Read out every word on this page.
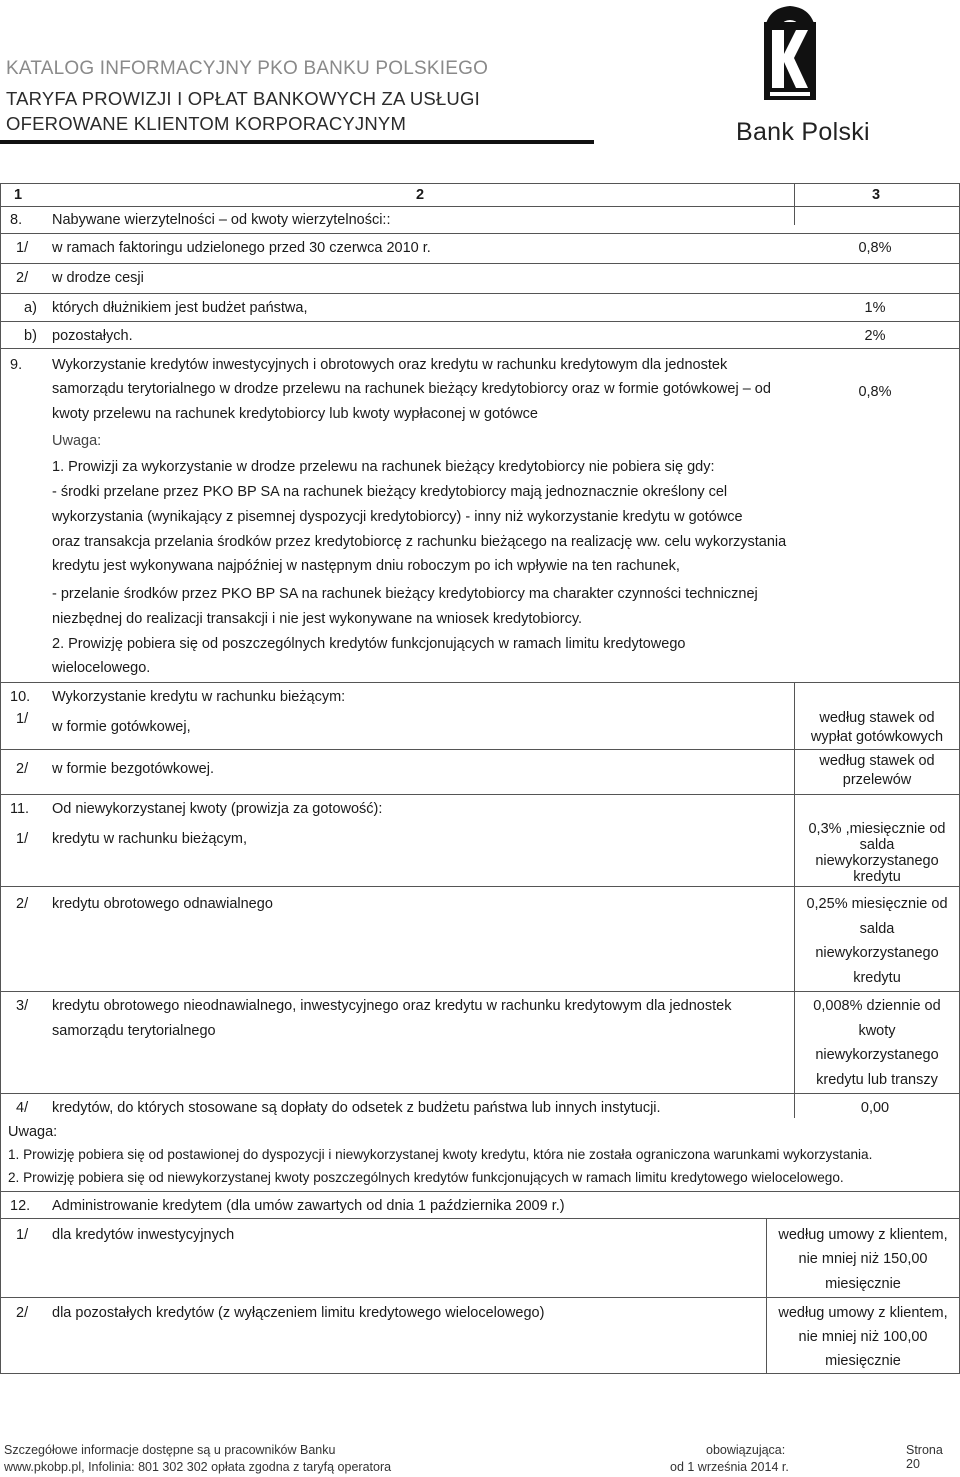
KATALOG INFORMACYJNY PKO BANKU POLSKIEGO
TARYFA PROWIZJI I OPŁAT BANKOWYCH ZA USŁUGI
OFEROWANE KLIENTOM KORPORACYJNYM	Bank Polski
1	2	3
8. Nabywane wierzytelności – od kwoty wierzytelności::
1/ w ramach faktoringu udzielonego przed 30 czerwca 2010 r.	0,8%
2/ w drodze cesji
a) których dłużnikiem jest budżet państwa,	1%
b) pozostałych.	2%
9. Wykorzystanie kredytów inwestycyjnych i obrotowych oraz kredytu w rachunku kredytowym dla jednostek
samorządu terytorialnego w drodze przelewu na rachunek bieżący kredytobiorcy oraz w formie gotówkowej – od
kwoty przelewu na rachunek kredytobiorcy lub kwoty wypłaconej w gotówce
0,8%
Uwaga:
1. Prowizji za wykorzystanie w drodze przelewu na rachunek bieżący kredytobiorcy nie pobiera się gdy:
- środki przelane przez PKO BP SA na rachunek bieżący kredytobiorcy mają jednoznacznie określony cel
wykorzystania (wynikający z pisemnej dyspozycji kredytobiorcy) - inny niż wykorzystanie kredytu w gotówce
oraz transakcja przelania środków przez kredytobiorcę z rachunku bieżącego na realizację ww. celu wykorzystania
kredytu jest wykonywana najpóźniej w następnym dniu roboczym po ich wpływie na ten rachunek,
- przelanie środków przez PKO BP SA na rachunek bieżący kredytobiorcy ma charakter czynności technicznej
niezbędnej do realizacji transakcji i nie jest wykonywane na wniosek kredytobiorcy.
2. Prowizję pobiera się od poszczególnych kredytów funkcjonujących w ramach limitu kredytowego
wielocelowego.
10. Wykorzystanie kredytu w rachunku bieżącym:
1/ w formie gotówkowej,
według stawek od
wypłat gotówkowych
2/ w formie bezgotówkowej.	według stawek od
przelewów
11. Od niewykorzystanej kwoty (prowizja za gotowość):
1/ kredytu w rachunku bieżącym,
0,3% ,miesięcznie od
salda
niewykorzystanego
kredytu
2/ kredytu obrotowego odnawialnego	0,25% miesięcznie od
salda
niewykorzystanego
kredytu
3/ kredytu obrotowego nieodnawialnego, inwestycyjnego oraz kredytu w rachunku kredytowym dla jednostek
samorządu terytorialnego
0,008% dziennie od
kwoty
niewykorzystanego
kredytu lub transzy
4/ kredytów, do których stosowane są dopłaty do odsetek z budżetu państwa lub innych instytucji.	0,00
Uwaga:
1. Prowizję pobiera się od postawionej do dyspozycji i niewykorzystanej kwoty kredytu, która nie została ograniczona warunkami wykorzystania.
2. Prowizję pobiera się od niewykorzystanej kwoty poszczególnych kredytów funkcjonujących w ramach limitu kredytowego wielocelowego.
12. Administrowanie kredytem (dla umów zawartych od dnia 1 października 2009 r.)
1/ dla kredytów inwestycyjnych	według umowy z klientem,
nie mniej niż 150,00
miesięcznie
2/ dla pozostałych kredytów (z wyłączeniem limitu kredytowego wielocelowego)	według umowy z klientem,
nie mniej niż 100,00
miesięcznie
Szczegółowe informacje dostępne są u pracowników Banku
www.pkobp.pl, Infolinia: 801 302 302 opłata zgodna z taryfą operatora
obowiązująca:
od 1 września 2014 r.
Strona 20
